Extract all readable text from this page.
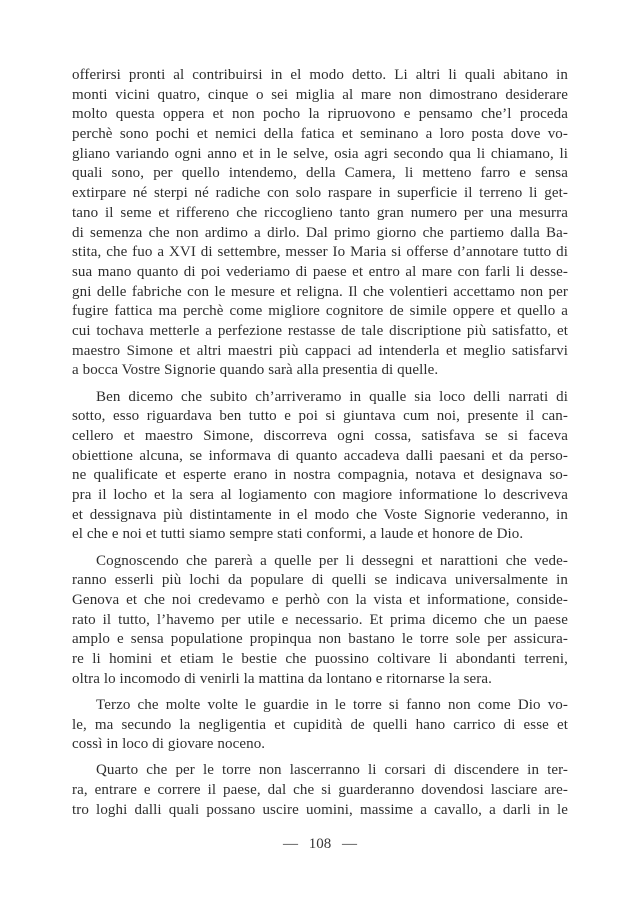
offerirsi pronti al contribuirsi in el modo detto. Li altri li quali abitano in
monti vicini quatro, cinque o sei miglia al mare non dimostrano desiderare
molto questa oppera et non pocho la ripruovono e pensamo che’l proceda
perchè sono pochi et nemici della fatica et seminano a loro posta dove vo-
gliano variando ogni anno et in le selve, osia agri secondo qua li chiamano, li
quali sono, per quello intendemo, della Camera, li metteno farro e sensa
extirpare né sterpi né radiche con solo raspare in superficie il terreno li get-
tano il seme et riffereno che riccoglieno tanto gran numero per una mesurra
di semenza che non ardimo a dirlo. Dal primo giorno che partiemo dalla Ba-
stita, che fuo a XVI di settembre, messer Io Maria si offerse d’annotare tutto di
sua mano quanto di poi vederiamo di paese et entro al mare con farli li desse-
gni delle fabriche con le mesure et religna. Il che volentieri accettamo non per
fugire fattica ma perchè come migliore cognitore de simile oppere et quello a
cui tochava metterle a perfezione restasse de tale discriptione più satisfatto, et
maestro Simone et altri maestri più cappaci ad intenderla et meglio satisfarvi
a bocca Vostre Signorie quando sarà alla presentia di quelle.

Ben dicemo che subito ch’arriveramo in qualle sia loco delli narrati di
sotto, esso riguardava ben tutto e poi si giuntava cum noi, presente il can-
cellero et maestro Simone, discorreva ogni cossa, satisfava se si faceva
obiettione alcuna, se informava di quanto accadeva dalli paesani et da perso-
ne qualificate et esperte erano in nostra compagnia, notava et designava so-
pra il locho et la sera al logiamento con magiore informatione lo descriveva
et dessignava più distintamente in el modo che Voste Signorie vederanno, in
el che e noi et tutti siamo sempre stati conformi, a laude et honore de Dio.

Cognoscendo che parerà a quelle per li dessegni et narattioni che vede-
ranno esserli più lochi da populare di quelli se indicava universalmente in
Genova et che noi credevamo e perhò con la vista et informatione, conside-
rato il tutto, l’havemo per utile e necessario. Et prima dicemo che un paese
amplo e sensa populatione propinqua non bastano le torre sole per assicura-
re li homini et etiam le bestie che puossino coltivare li abondanti terreni,
oltra lo incomodo di venirli la mattina da lontano e ritornarse la sera.

Terzo che molte volte le guardie in le torre si fanno non come Dio vo-
le, ma secundo la negligentia et cupidità de quelli hano carrico di esse et
cossì in loco di giovare noceno.

Quarto che per le torre non lascerranno li corsari di discendere in ter-
ra, entrare e correre il paese, dal che si guarderanno dovendosi lasciare are-
tro loghi dalli quali possano uscire uomini, massime a cavallo, a darli in le

— 108 —
